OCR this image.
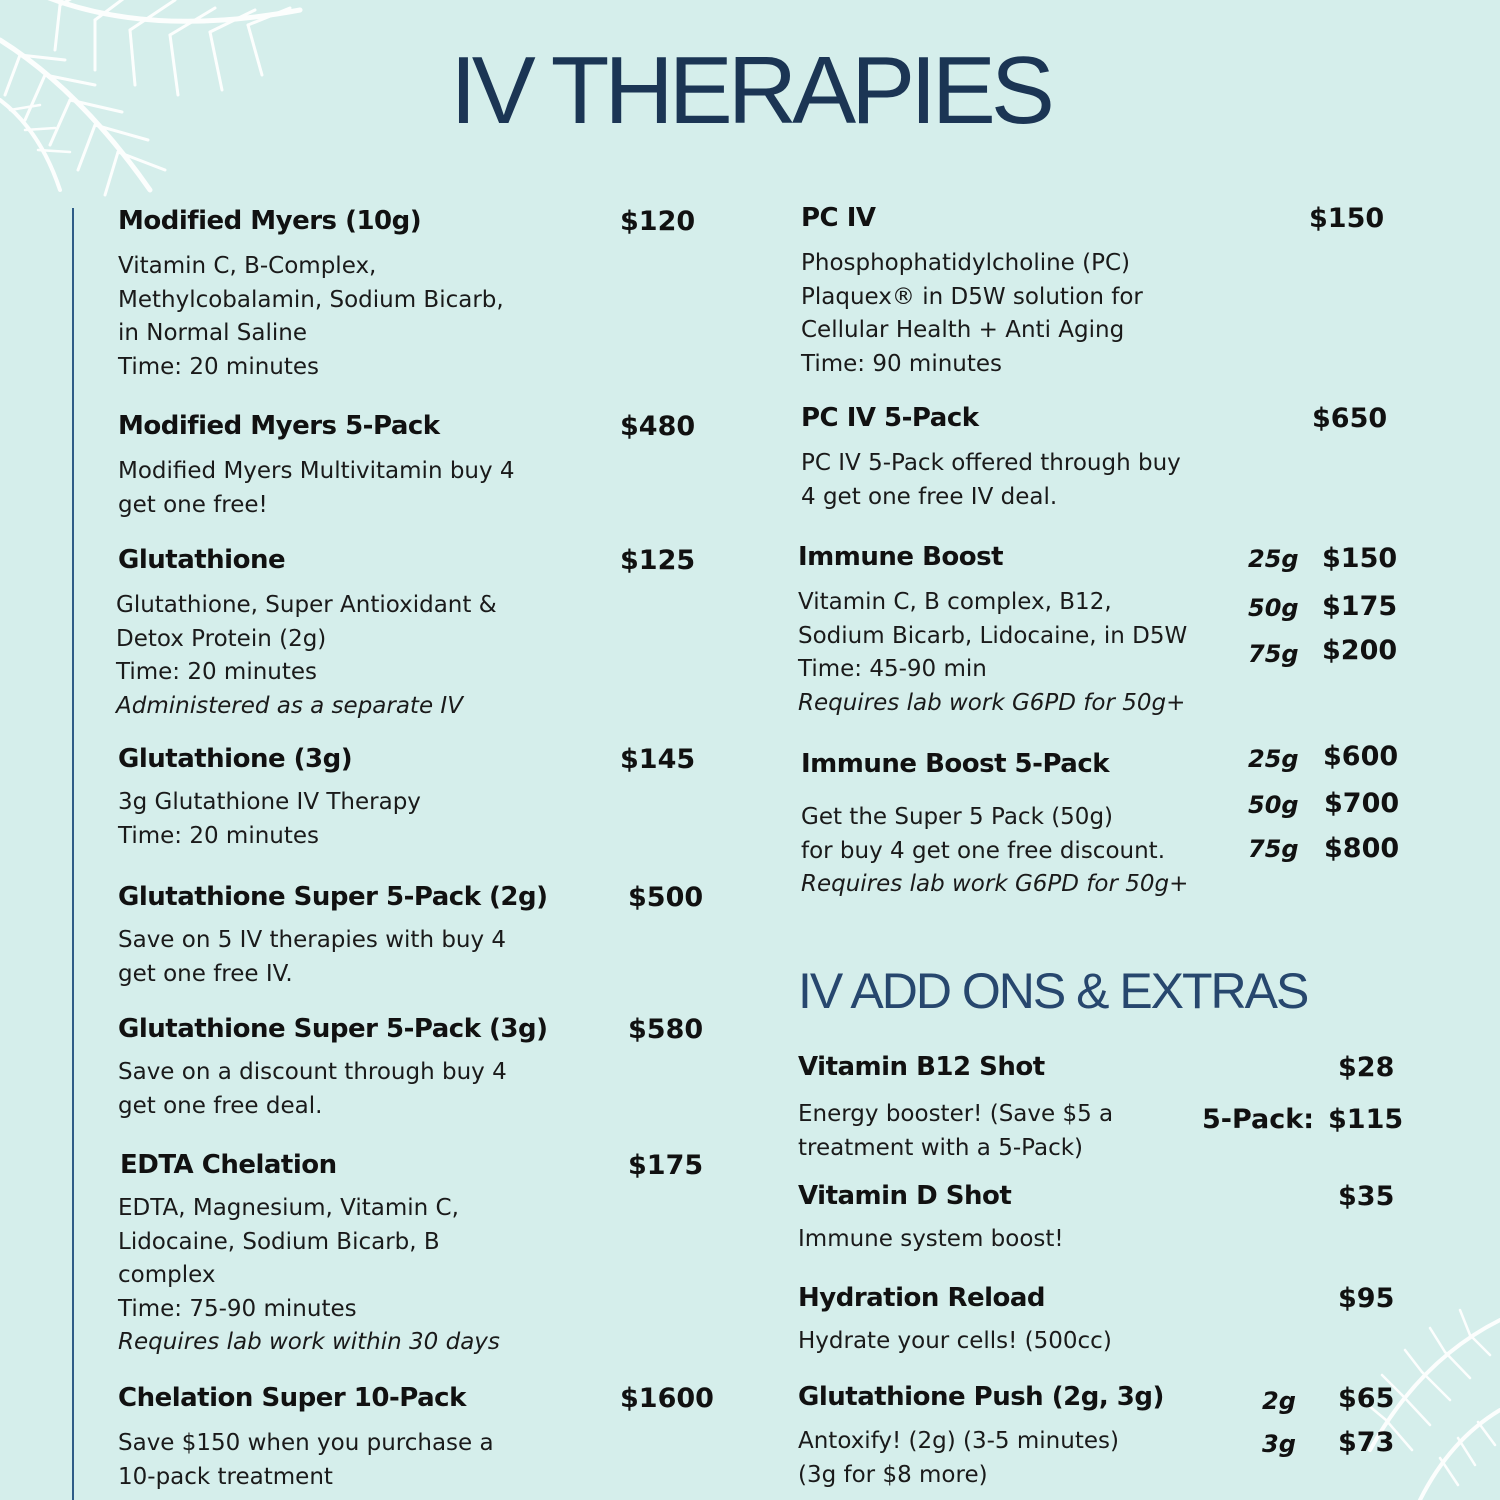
IV THERAPIES
Modified Myers (10g)	$120
Vitamin C, B-Complex,
Methylcobalamin, Sodium Bicarb,
in Normal Saline
Time: 20 minutes
Modified Myers 5-Pack	$480
Modified Myers Multivitamin buy 4
get one free!
Glutathione	$125
Glutathione, Super Antioxidant &
Detox Protein (2g)
Time: 20 minutes
Administered as a separate IV
Glutathione (3g)	$145
3g Glutathione IV Therapy
Time: 20 minutes
Glutathione Super 5-Pack (2g)	$500
Save on 5 IV therapies with buy 4
get one free IV.
Glutathione Super 5-Pack (3g)	$580
Save on a discount through buy 4
get one free deal.
EDTA Chelation	$175
EDTA, Magnesium, Vitamin C,
Lidocaine, Sodium Bicarb, B
complex
Time: 75-90 minutes
Requires lab work within 30 days
Chelation Super 10-Pack	$1600
Save $150 when you purchase a
10-pack treatment
PC IV	$150
Phosphophatidylcholine (PC)
Plaquex® in D5W solution for
Cellular Health + Anti Aging
Time: 90 minutes
PC IV 5-Pack	$650
PC IV 5-Pack offered through buy
4 get one free IV deal.
Immune Boost
Vitamin C, B complex, B12,
Sodium Bicarb, Lidocaine, in D5W
Time: 45-90 min
Requires lab work G6PD for 50g+
25g $150
50g $175
75g $200
Immune Boost 5-Pack
Get the Super 5 Pack (50g)
for buy 4 get one free discount.
Requires lab work G6PD for 50g+
25g $600
50g $700
75g $800
IV ADD ONS & EXTRAS
Vitamin B12 Shot	$28
Energy booster! (Save $5 a
treatment with a 5-Pack)
5-Pack: $115
Vitamin D Shot	$35
Immune system boost!
Hydration Reload	$95
Hydrate your cells! (500cc)
Glutathione Push (2g, 3g)
Antoxify! (2g) (3-5 minutes)
(3g for $8 more)
2g $65
3g $73
